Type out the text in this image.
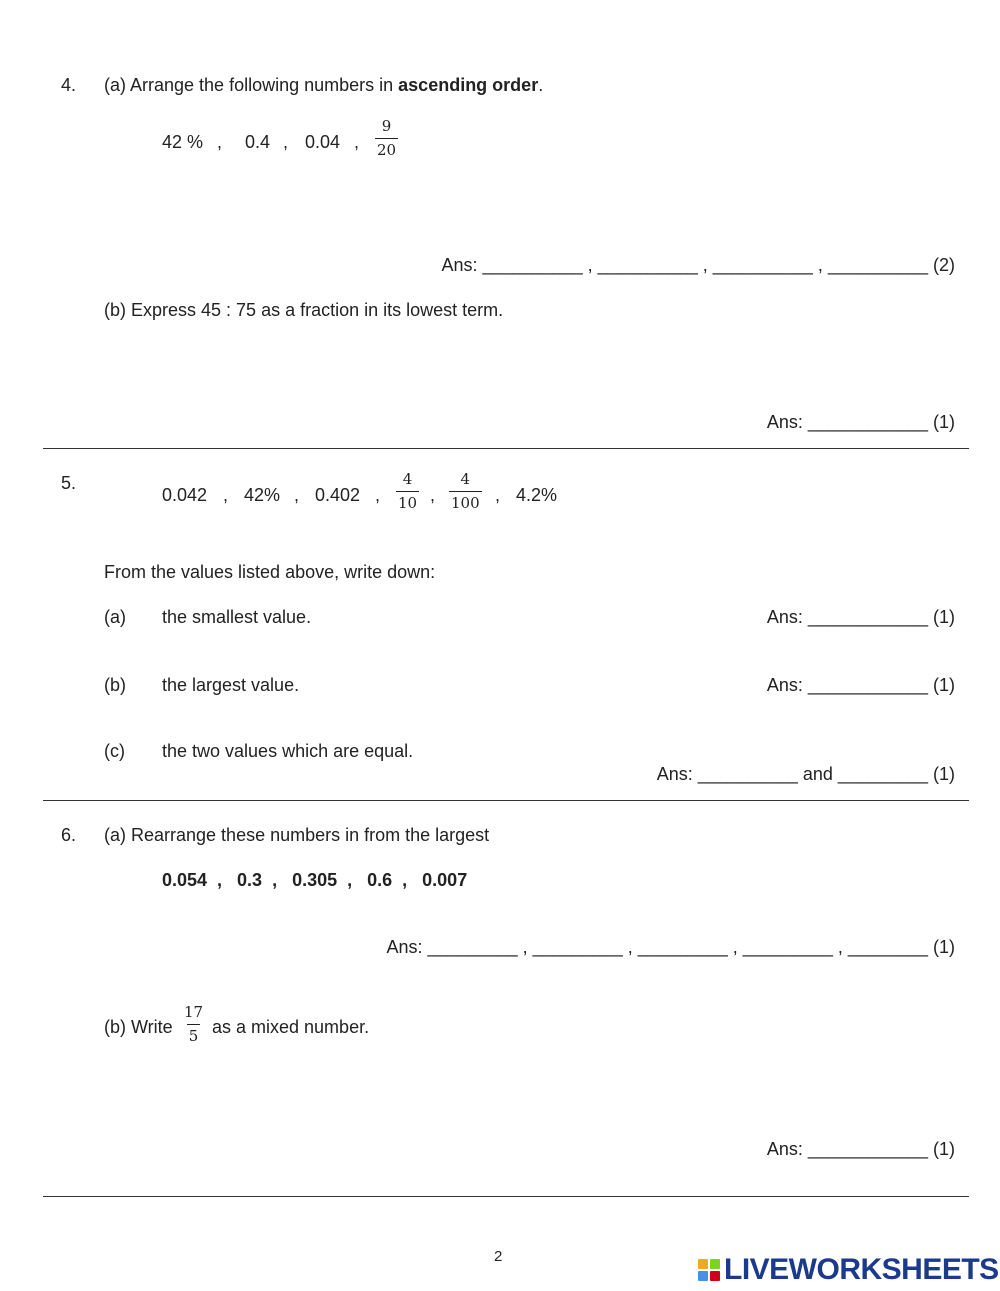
4. (a) Arrange the following numbers in ascending order.
42 % , 0.4 , 0.04 , $\frac{9}{20}$
Ans: __________ , __________ , __________ , __________ (2)
(b) Express 45 : 75 as a fraction in its lowest term.
Ans: ____________ (1)
5.
0.042 , 42% , 0.402 , $\frac{4}{10}$ , $\frac{4}{100}$ , 4.2%
From the values listed above, write down:
(a) the smallest value.	Ans: ____________ (1)
(b) the largest value.	Ans: ____________ (1)
(c) the two values which are equal.
Ans: __________ and _________ (1)
6. (a) Rearrange these numbers in from the largest
0.054  ,   0.3  ,   0.305  ,   0.6  ,   0.007
Ans: _________ , _________ , _________ , _________ , ________ (1)
(b) Write $\frac{17}{5}$ as a mixed number.
Ans: ____________ (1)
2	LIVEWORKSHEETS
